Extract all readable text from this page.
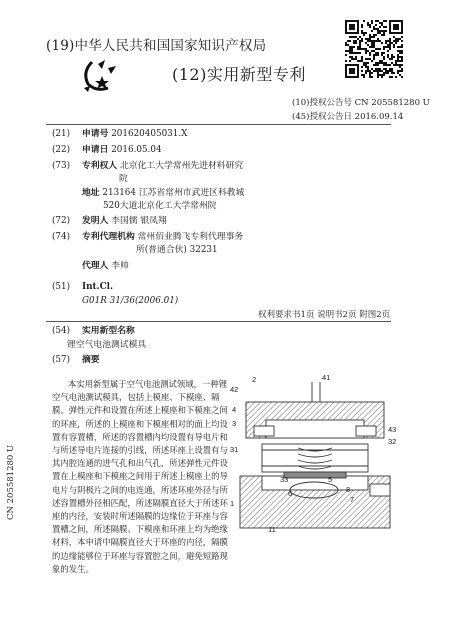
(19)中华人民共和国国家知识产权局
(12)实用新型专利
(10)授权公告号 CN 205581280 U
(45)授权公告日 2016.09.14
(21) 申请号 201620405031.X
(22) 申请日 2016.05.04
(73) 专利权人 北京化工大学常州先进材料研究
院
地址 213164 江苏省常州市武进区科教城
520大道北京化工大学常州院
(72) 发明人 李国儒 银凤翔
(74) 专利代理机构 常州佰业腾飞专利代理事务
所(普通合伙) 32231
代理人 李帅
(51) Int.Cl.
G01R 31/36(2006.01)
权利要求书1页 说明书2页 附图2页
(54) 实用新型名称
锂空气电池测试模具
(57) 摘要
本实用新型属于空气电池测试领域，一种锂空气电池测试模具，包括上模座、下模座、隔膜、弹性元件和设置在所述上模座和下模座之间的环座，所述的上模座和下模座相对的面上均设置有容置槽，所述的容置槽内均设置有导电片和与所述导电片连接的引线，所述环座上设置有与其内腔连通的进气孔和出气孔，所述弹性元件设置在上模座和下模座之间用于所述上模座上的导电片与阴极片之间的电连通，所述环座外径与所述容置槽外径相匹配，所述隔膜直径大于所述环座的内径，安装时所述隔膜的边缘位于环座与容置槽之间，所述隔膜、下模座和环座上均为绝缘材料，本申请中隔膜直径大于环座的内径，隔膜的边缘能够位于环座与容置腔之间，避免短路现象的发生。
42
2	41
4
3
31
32
43
33
6
5
8
7
11
1
CN 205581280 U
